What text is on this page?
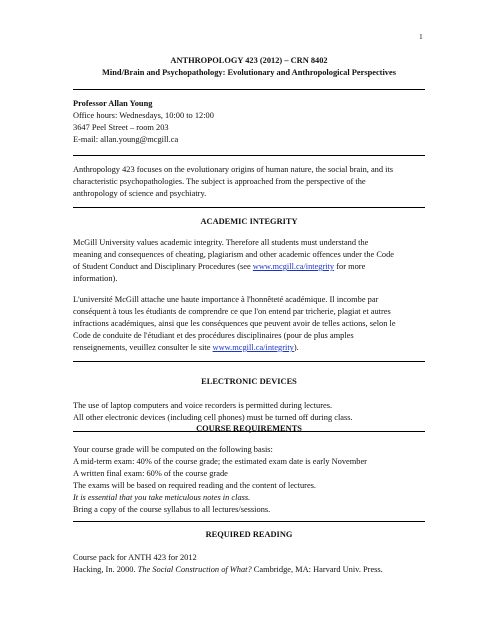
1
ANTHROPOLOGY 423 (2012) – CRN 8402
Mind/Brain and Psychopathology: Evolutionary and Anthropological Perspectives
Professor Allan Young
Office hours: Wednesdays, 10:00 to 12:00
3647 Peel Street – room 203
E-mail: allan.young@mcgill.ca
Anthropology 423 focuses on the evolutionary origins of human nature, the social brain, and its
characteristic psychopathologies. The subject is approached from the perspective of the
anthropology of science and psychiatry.
ACADEMIC INTEGRITY
McGill University values academic integrity. Therefore all students must understand the
meaning and consequences of cheating, plagiarism and other academic offences under the Code
of Student Conduct and Disciplinary Procedures (see www.mcgill.ca/integrity for more
information).
L'université McGill attache une haute importance à l'honnêteté académique. Il incombe par
conséquent à tous les étudiants de comprendre ce que l'on entend par tricherie, plagiat et autres
infractions académiques, ainsi que les conséquences que peuvent avoir de telles actions, selon le
Code de conduite de l'étudiant et des procédures disciplinaires (pour de plus amples
renseignements, veuillez consulter le site www.mcgill.ca/integrity).
ELECTRONIC DEVICES
The use of laptop computers and voice recorders is permitted during lectures.
All other electronic devices (including cell phones) must be turned off during class.
COURSE REQUIREMENTS
Your course grade will be computed on the following basis:
A mid-term exam: 40% of the course grade; the estimated exam date is early November
A written final exam: 60% of the course grade
The exams will be based on required reading and the content of lectures.
It is essential that you take meticulous notes in class.
Bring a copy of the course syllabus to all lectures/sessions.
REQUIRED READING
Course pack for ANTH 423 for 2012
Hacking, In. 2000. The Social Construction of What? Cambridge, MA: Harvard Univ. Press.
